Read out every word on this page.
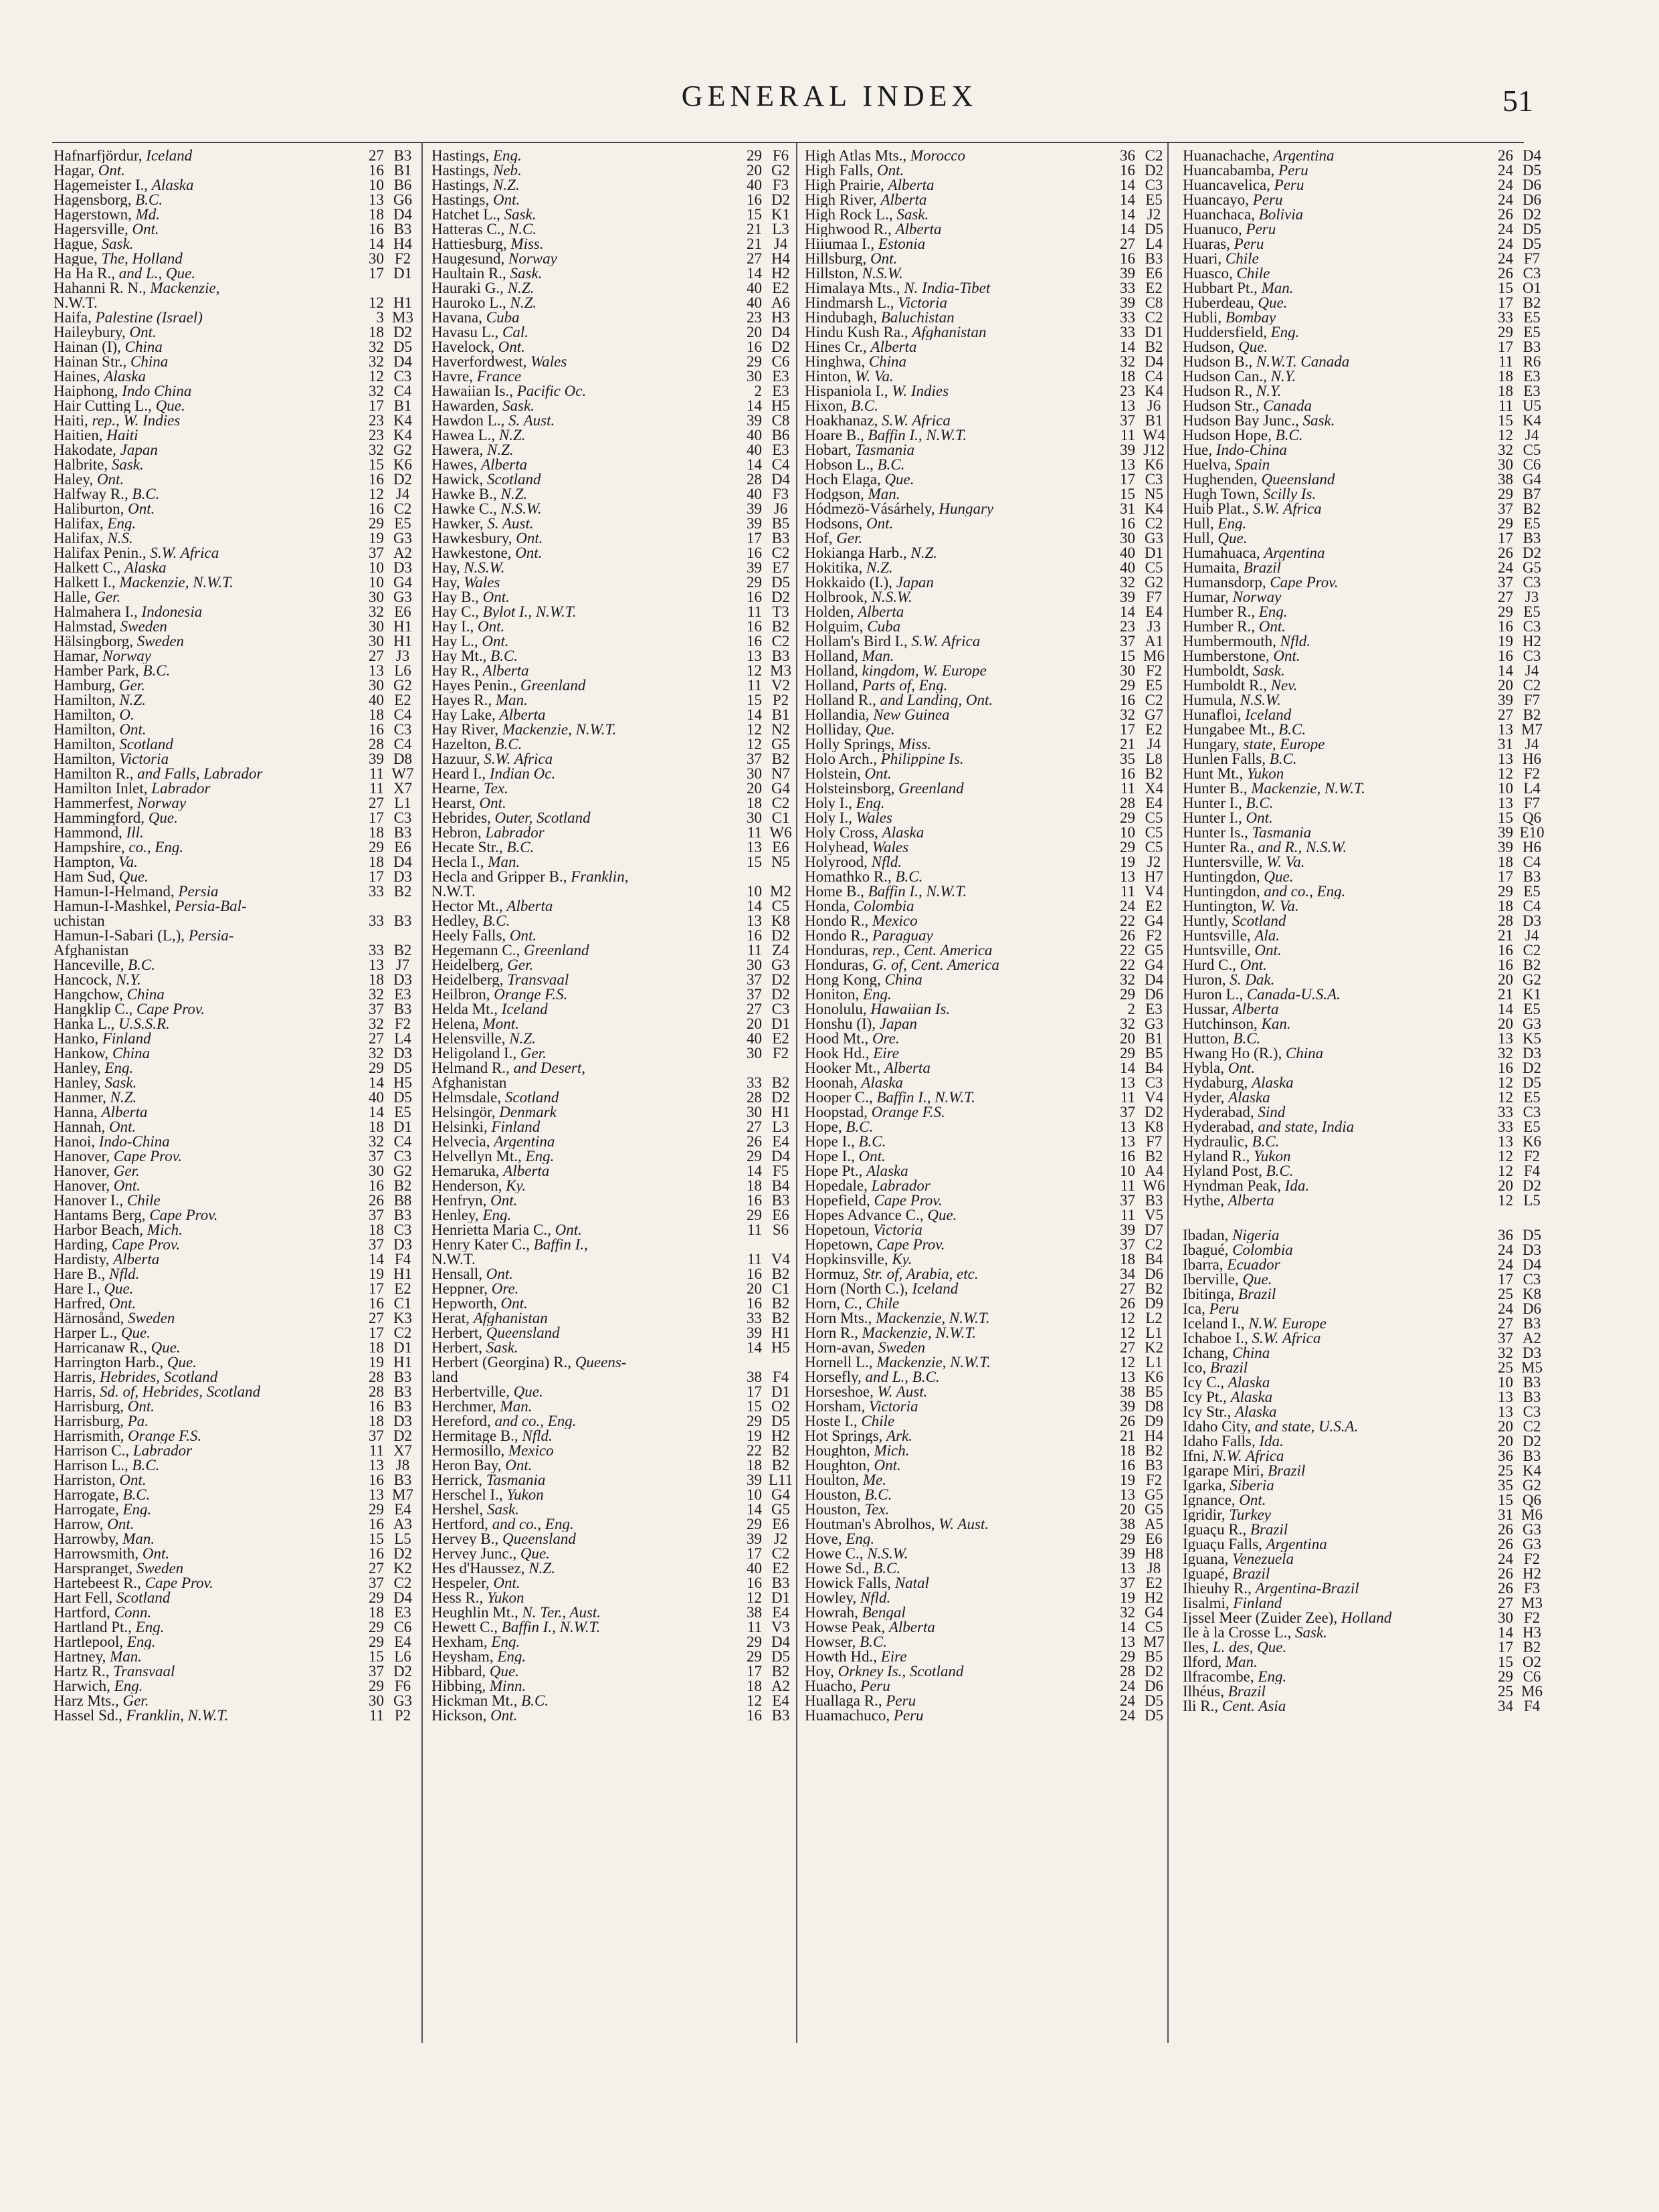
GENERAL INDEX	51
Hafnarfjördur, Iceland	27 B3
Hagar, Ont.	16 B1
Hagemeister I., Alaska	10 B6
Hagensborg, B.C.	13 G6
Hagerstown, Md.	18 D4
Hagersville, Ont.	16 B3
Hague, Sask.	14 H4
Hague, The, Holland	30 F2
Ha Ha R., and L., Que.	17 D1
Hahanni R. N., Mackenzie,
N.W.T.	12 H1
Haifa, Palestine (Israel)	3 M3
Haileybury, Ont.	18 D2
Hainan (I), China	32 D5
Hainan Str., China	32 D4
Haines, Alaska	12 C3
Haiphong, Indo China	32 C4
Hair Cutting L., Que.	17 B1
Haiti, rep., W. Indies	23 K4
Haitien, Haiti	23 K4
Hakodate, Japan	32 G2
Halbrite, Sask.	15 K6
Haley, Ont.	16 D2
Halfway R., B.C.	12 J4
Haliburton, Ont.	16 C2
Halifax, Eng.	29 E5
Halifax, N.S.	19 G3
Halifax Penin., S.W. Africa	37 A2
Halkett C., Alaska	10 D3
Halkett I., Mackenzie, N.W.T.	10 G4
Halle, Ger.	30 G3
Halmahera I., Indonesia	32 E6
Halmstad, Sweden	30 H1
Hälsingborg, Sweden	30 H1
Hamar, Norway	27 J3
Hamber Park, B.C.	13 L6
Hamburg, Ger.	30 G2
Hamilton, N.Z.	40 E2
Hamilton, O.	18 C4
Hamilton, Ont.	16 C3
Hamilton, Scotland	28 C4
Hamilton, Victoria	39 D8
Hamilton R., and Falls, Labrador	11 W7
Hamilton Inlet, Labrador	11 X7
Hammerfest, Norway	27 L1
Hammingford, Que.	17 C3
Hammond, Ill.	18 B3
Hampshire, co., Eng.	29 E6
Hampton, Va.	18 D4
Ham Sud, Que.	17 D3
Hamun-I-Helmand, Persia	33 B2
Hamun-I-Mashkel, Persia-Bal-
uchistan	33 B3
Hamun-I-Sabari (L,), Persia-
Afghanistan	33 B2
Hanceville, B.C.	13 J7
Hancock, N.Y.	18 D3
Hangchow, China	32 E3
Hangklip C., Cape Prov.	37 B3
Hanka L., U.S.S.R.	32 F2
Hanko, Finland	27 L4
Hankow, China	32 D3
Hanley, Eng.	29 D5
Hanley, Sask.	14 H5
Hanmer, N.Z.	40 D5
Hanna, Alberta	14 E5
Hannah, Ont.	18 D1
Hanoi, Indo-China	32 C4
Hanover, Cape Prov.	37 C3
Hanover, Ger.	30 G2
Hanover, Ont.	16 B2
Hanover I., Chile	26 B8
Hantams Berg, Cape Prov.	37 B3
Harbor Beach, Mich.	18 C3
Harding, Cape Prov.	37 D3
Hardisty, Alberta	14 F4
Hare B., Nfld.	19 H1
Hare I., Que.	17 E2
Harfred, Ont.	16 C1
Härnosånd, Sweden	27 K3
Harper L., Que.	17 C2
Harricanaw R., Que.	18 D1
Harrington Harb., Que.	19 H1
Harris, Hebrides, Scotland	28 B3
Harris, Sd. of, Hebrides, Scotland	28 B3
Harrisburg, Ont.	16 B3
Harrisburg, Pa.	18 D3
Harrismith, Orange F.S.	37 D2
Harrison C., Labrador	11 X7
Harrison L., B.C.	13 J8
Harriston, Ont.	16 B3
Harrogate, B.C.	13 M7
Harrogate, Eng.	29 E4
Harrow, Ont.	16 A3
Harrowby, Man.	15 L5
Harrowsmith, Ont.	16 D2
Harspranget, Sweden	27 K2
Hartebeest R., Cape Prov.	37 C2
Hart Fell, Scotland	29 D4
Hartford, Conn.	18 E3
Hartland Pt., Eng.	29 C6
Hartlepool, Eng.	29 E4
Hartney, Man.	15 L6
Hartz R., Transvaal	37 D2
Harwich, Eng.	29 F6
Harz Mts., Ger.	30 G3
Hassel Sd., Franklin, N.W.T.	11 P2
Hastings, Eng.	29 F6
Hastings, Neb.	20 G2
Hastings, N.Z.	40 F3
Hastings, Ont.	16 D2
Hatchet L., Sask.	15 K1
Hatteras C., N.C.	21 L3
Hattiesburg, Miss.	21 J4
Haugesund, Norway	27 H4
Haultain R., Sask.	14 H2
Hauraki G., N.Z.	40 E2
Hauroko L., N.Z.	40 A6
Havana, Cuba	23 H3
Havasu L., Cal.	20 D4
Havelock, Ont.	16 D2
Haverfordwest, Wales	29 C6
Havre, France	30 E3
Hawaiian Is., Pacific Oc.	2 E3
Hawarden, Sask.	14 H5
Hawdon L., S. Aust.	39 C8
Hawea L., N.Z.	40 B6
Hawera, N.Z.	40 E3
Hawes, Alberta	14 C4
Hawick, Scotland	28 D4
Hawke B., N.Z.	40 F3
Hawke C., N.S.W.	39 J6
Hawker, S. Aust.	39 B5
Hawkesbury, Ont.	17 B3
Hawkestone, Ont.	16 C2
Hay, N.S.W.	39 E7
Hay, Wales	29 D5
Hay B., Ont.	16 D2
Hay C., Bylot I., N.W.T.	11 T3
Hay I., Ont.	16 B2
Hay L., Ont.	16 C2
Hay Mt., B.C.	13 B3
Hay R., Alberta	12 M3
Hayes Penin., Greenland	11 V2
Hayes R., Man.	15 P2
Hay Lake, Alberta	14 B1
Hay River, Mackenzie, N.W.T.	12 N2
Hazelton, B.C.	12 G5
Hazuur, S.W. Africa	37 B2
Heard I., Indian Oc.	30 N7
Hearne, Tex.	20 G4
Hearst, Ont.	18 C2
Hebrides, Outer, Scotland	30 C1
Hebron, Labrador	11 W6
Hecate Str., B.C.	13 E6
Hecla I., Man.	15 N5
Hecla and Gripper B., Franklin,
N.W.T.	10 M2
Hector Mt., Alberta	14 C5
Hedley, B.C.	13 K8
Heely Falls, Ont.	16 D2
Hegemann C., Greenland	11 Z4
Heidelberg, Ger.	30 G3
Heidelberg, Transvaal	37 D2
Heilbron, Orange F.S.	37 D2
Helda Mt., Iceland	27 C3
Helena, Mont.	20 D1
Helensville, N.Z.	40 E2
Heligoland I., Ger.	30 F2
Helmand R., and Desert,
Afghanistan	33 B2
Helmsdale, Scotland	28 D2
Helsingör, Denmark	30 H1
Helsinki, Finland	27 L3
Helvecia, Argentina	26 E4
Helvellyn Mt., Eng.	29 D4
Hemaruka, Alberta	14 F5
Henderson, Ky.	18 B4
Henfryn, Ont.	16 B3
Henley, Eng.	29 E6
Henrietta Maria C., Ont.	11 S6
Henry Kater C., Baffin I.,
N.W.T.	11 V4
Hensall, Ont.	16 B2
Heppner, Ore.	20 C1
Hepworth, Ont.	16 B2
Herat, Afghanistan	33 B2
Herbert, Queensland	39 H1
Herbert, Sask.	14 H5
Herbert (Georgina) R., Queens-
land	38 F4
Herbertville, Que.	17 D1
Herchmer, Man.	15 O2
Hereford, and co., Eng.	29 D5
Hermitage B., Nfld.	19 H2
Hermosillo, Mexico	22 B2
Heron Bay, Ont.	18 B2
Herrick, Tasmania	39 L11
Herschel I., Yukon	10 G4
Hershel, Sask.	14 G5
Hertford, and co., Eng.	29 E6
Hervey B., Queensland	39 J2
Hervey Junc., Que.	17 C2
Hes d'Haussez, N.Z.	40 E2
Hespeler, Ont.	16 B3
Hess R., Yukon	12 D1
Heughlin Mt., N. Ter., Aust.	38 E4
Hewett C., Baffin I., N.W.T.	11 V3
Hexham, Eng.	29 D4
Heysham, Eng.	29 D5
Hibbard, Que.	17 B2
Hibbing, Minn.	18 A2
Hickman Mt., B.C.	12 E4
Hickson, Ont.	16 B3
High Atlas Mts., Morocco	36 C2
High Falls, Ont.	16 D2
High Prairie, Alberta	14 C3
High River, Alberta	14 E5
High Rock L., Sask.	14 J2
Highwood R., Alberta	14 D5
Hiiumaa I., Estonia	27 L4
Hillsburg, Ont.	16 B3
Hillston, N.S.W.	39 E6
Himalaya Mts., N. India-Tibet	33 E2
Hindmarsh L., Victoria	39 C8
Hindubagh, Baluchistan	33 C2
Hindu Kush Ra., Afghanistan	33 D1
Hines Cr., Alberta	14 B2
Hinghwa, China	32 D4
Hinton, W. Va.	18 C4
Hispaniola I., W. Indies	23 K4
Hixon, B.C.	13 J6
Hoakhanaz, S.W. Africa	37 B1
Hoare B., Baffin I., N.W.T.	11 W4
Hobart, Tasmania	39 J12
Hobson L., B.C.	13 K6
Hoch Elaga, Que.	17 C3
Hodgson, Man.	15 N5
Hódmezö-Vásárhely, Hungary	31 K4
Hodsons, Ont.	16 C2
Hof, Ger.	30 G3
Hokianga Harb., N.Z.	40 D1
Hokitika, N.Z.	40 C5
Hokkaido (I.), Japan	32 G2
Holbrook, N.S.W.	39 F7
Holden, Alberta	14 E4
Holguim, Cuba	23 J3
Hollam's Bird I., S.W. Africa	37 A1
Holland, Man.	15 M6
Holland, kingdom, W. Europe	30 F2
Holland, Parts of, Eng.	29 E5
Holland R., and Landing, Ont.	16 C2
Hollandia, New Guinea	32 G7
Holliday, Que.	17 E2
Holly Springs, Miss.	21 J4
Holo Arch., Philippine Is.	35 L8
Holstein, Ont.	16 B2
Holsteinsborg, Greenland	11 X4
Holy I., Eng.	28 E4
Holy I., Wales	29 C5
Holy Cross, Alaska	10 C5
Holyhead, Wales	29 C5
Holyrood, Nfld.	19 J2
Homathko R., B.C.	13 H7
Home B., Baffin I., N.W.T.	11 V4
Honda, Colombia	24 E2
Hondo R., Mexico	22 G4
Hondo R., Paraguay	26 F2
Honduras, rep., Cent. America	22 G5
Honduras, G. of, Cent. America	22 G4
Hong Kong, China	32 D4
Honiton, Eng.	29 D6
Honolulu, Hawaiian Is.	2 E3
Honshu (I), Japan	32 G3
Hood Mt., Ore.	20 B1
Hook Hd., Eire	29 B5
Hooker Mt., Alberta	14 B4
Hoonah, Alaska	13 C3
Hooper C., Baffin I., N.W.T.	11 V4
Hoopstad, Orange F.S.	37 D2
Hope, B.C.	13 K8
Hope I., B.C.	13 F7
Hope I., Ont.	16 B2
Hope Pt., Alaska	10 A4
Hopedale, Labrador	11 W6
Hopefield, Cape Prov.	37 B3
Hopes Advance C., Que.	11 V5
Hopetoun, Victoria	39 D7
Hopetown, Cape Prov.	37 C2
Hopkinsville, Ky.	18 B4
Hormuz, Str. of, Arabia, etc.	34 D6
Horn (North C.), Iceland	27 B2
Horn, C., Chile	26 D9
Horn Mts., Mackenzie, N.W.T.	12 L2
Horn R., Mackenzie, N.W.T.	12 L1
Horn-avan, Sweden	27 K2
Hornell L., Mackenzie, N.W.T.	12 L1
Horsefly, and L., B.C.	13 K6
Horseshoe, W. Aust.	38 B5
Horsham, Victoria	39 D8
Hoste I., Chile	26 D9
Hot Springs, Ark.	21 H4
Houghton, Mich.	18 B2
Houghton, Ont.	16 B3
Houlton, Me.	19 F2
Houston, B.C.	13 G5
Houston, Tex.	20 G5
Houtman's Abrolhos, W. Aust.	38 A5
Hove, Eng.	29 E6
Howe C., N.S.W.	39 H8
Howe Sd., B.C.	13 J8
Howick Falls, Natal	37 E2
Howley, Nfld.	19 H2
Howrah, Bengal	32 G4
Howse Peak, Alberta	14 C5
Howser, B.C.	13 M7
Howth Hd., Eire	29 B5
Hoy, Orkney Is., Scotland	28 D2
Huacho, Peru	24 D6
Huallaga R., Peru	24 D5
Huamachuco, Peru	24 D5
Huanachache, Argentina	26 D4
Huancabamba, Peru	24 D5
Huancavelica, Peru	24 D6
Huancayo, Peru	24 D6
Huanchaca, Bolivia	26 D2
Huanuco, Peru	24 D5
Huaras, Peru	24 D5
Huari, Chile	24 F7
Huasco, Chile	26 C3
Hubbart Pt., Man.	15 O1
Huberdeau, Que.	17 B2
Hubli, Bombay	33 E5
Huddersfield, Eng.	29 E5
Hudson, Que.	17 B3
Hudson B., N.W.T. Canada	11 R6
Hudson Can., N.Y.	18 E3
Hudson R., N.Y.	18 E3
Hudson Str., Canada	11 U5
Hudson Bay Junc., Sask.	15 K4
Hudson Hope, B.C.	12 J4
Hue, Indo-China	32 C5
Huelva, Spain	30 C6
Hughenden, Queensland	38 G4
Hugh Town, Scilly Is.	29 B7
Huib Plat., S.W. Africa	37 B2
Hull, Eng.	29 E5
Hull, Que.	17 B3
Humahuaca, Argentina	26 D2
Humaita, Brazil	24 G5
Humansdorp, Cape Prov.	37 C3
Humar, Norway	27 J3
Humber R., Eng.	29 E5
Humber R., Ont.	16 C3
Humbermouth, Nfld.	19 H2
Humberstone, Ont.	16 C3
Humboldt, Sask.	14 J4
Humboldt R., Nev.	20 C2
Humula, N.S.W.	39 F7
Hunafloi, Iceland	27 B2
Hungabee Mt., B.C.	13 M7
Hungary, state, Europe	31 J4
Hunlen Falls, B.C.	13 H6
Hunt Mt., Yukon	12 F2
Hunter B., Mackenzie, N.W.T.	10 L4
Hunter I., B.C.	13 F7
Hunter I., Ont.	15 Q6
Hunter Is., Tasmania	39 E10
Hunter Ra., and R., N.S.W.	39 H6
Huntersville, W. Va.	18 C4
Huntingdon, Que.	17 B3
Huntingdon, and co., Eng.	29 E5
Huntington, W. Va.	18 C4
Huntly, Scotland	28 D3
Huntsville, Ala.	21 J4
Huntsville, Ont.	16 C2
Hurd C., Ont.	16 B2
Huron, S. Dak.	20 G2
Huron L., Canada-U.S.A.	21 K1
Hussar, Alberta	14 E5
Hutchinson, Kan.	20 G3
Hutton, B.C.	13 K5
Hwang Ho (R.), China	32 D3
Hybla, Ont.	16 D2
Hydaburg, Alaska	12 D5
Hyder, Alaska	12 E5
Hyderabad, Sind	33 C3
Hyderabad, and state, India	33 E5
Hydraulic, B.C.	13 K6
Hyland R., Yukon	12 F2
Hyland Post, B.C.	12 F4
Hyndman Peak, Ida.	20 D2
Hythe, Alberta	12 L5
Ibadan, Nigeria	36 D5
Ibagué, Colombia	24 D3
Ibarra, Ecuador	24 D4
Iberville, Que.	17 C3
Ibitinga, Brazil	25 K8
Ica, Peru	24 D6
Iceland I., N.W. Europe	27 B3
Ichaboe I., S.W. Africa	37 A2
Ichang, China	32 D3
Ico, Brazil	25 M5
Icy C., Alaska	10 B3
Icy Pt., Alaska	13 B3
Icy Str., Alaska	13 C3
Idaho City, and state, U.S.A.	20 C2
Idaho Falls, Ida.	20 D2
Ifni, N.W. Africa	36 B3
Igarape Miri, Brazil	25 K4
Igarka, Siberia	35 G2
Ignance, Ont.	15 Q6
Igridir, Turkey	31 M6
Iguaçu R., Brazil	26 G3
Iguaçu Falls, Argentina	26 G3
Iguana, Venezuela	24 F2
Iguapé, Brazil	26 H2
Ihieuhy R., Argentina-Brazil	26 F3
Iisalmi, Finland	27 M3
Ijssel Meer (Zuider Zee), Holland	30 F2
Ile à la Crosse L., Sask.	14 H3
Iles, L. des, Que.	17 B2
Ilford, Man.	15 O2
Ilfracombe, Eng.	29 C6
Ilhéus, Brazil	25 M6
Ili R., Cent. Asia	34 F4
